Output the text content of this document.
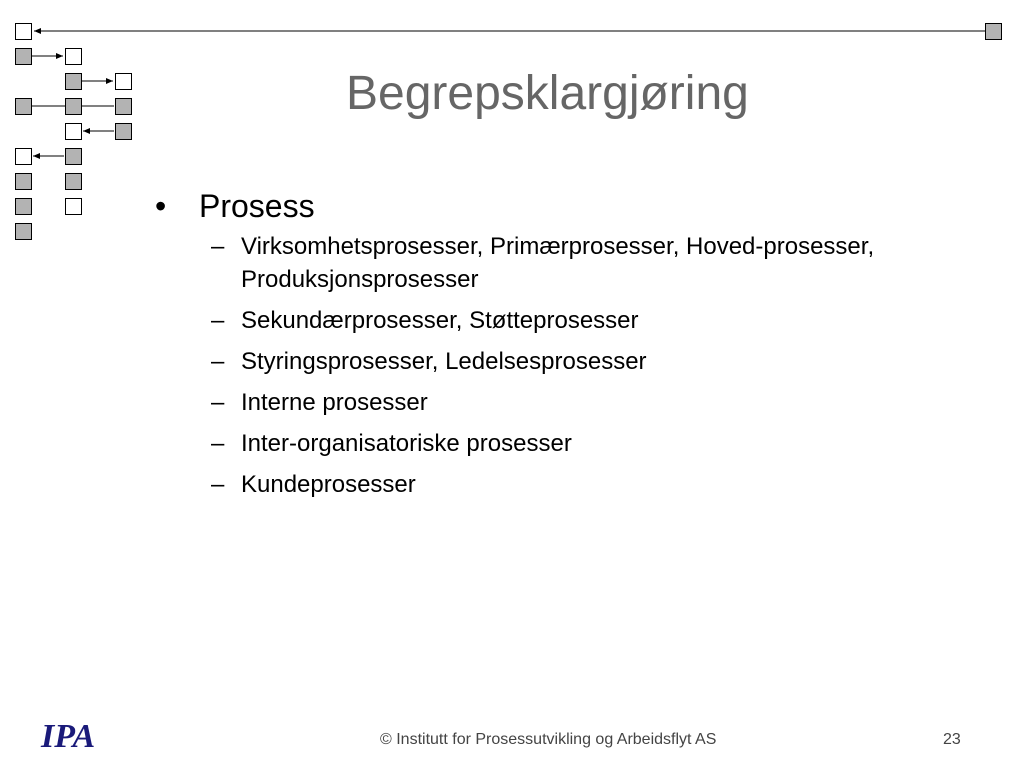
Begrepsklargjøring
•	Prosess
– Virksomhetsprosesser, Primærprosesser, Hoved-prosesser, Produksjonsprosesser
– Sekundærprosesser, Støtteprosesser
– Styringsprosesser, Ledelsesprosesser
– Interne prosesser
– Inter-organisatoriske prosesser
– Kundeprosesser
IPA	© Institutt for Prosessutvikling og Arbeidsflyt AS	23
